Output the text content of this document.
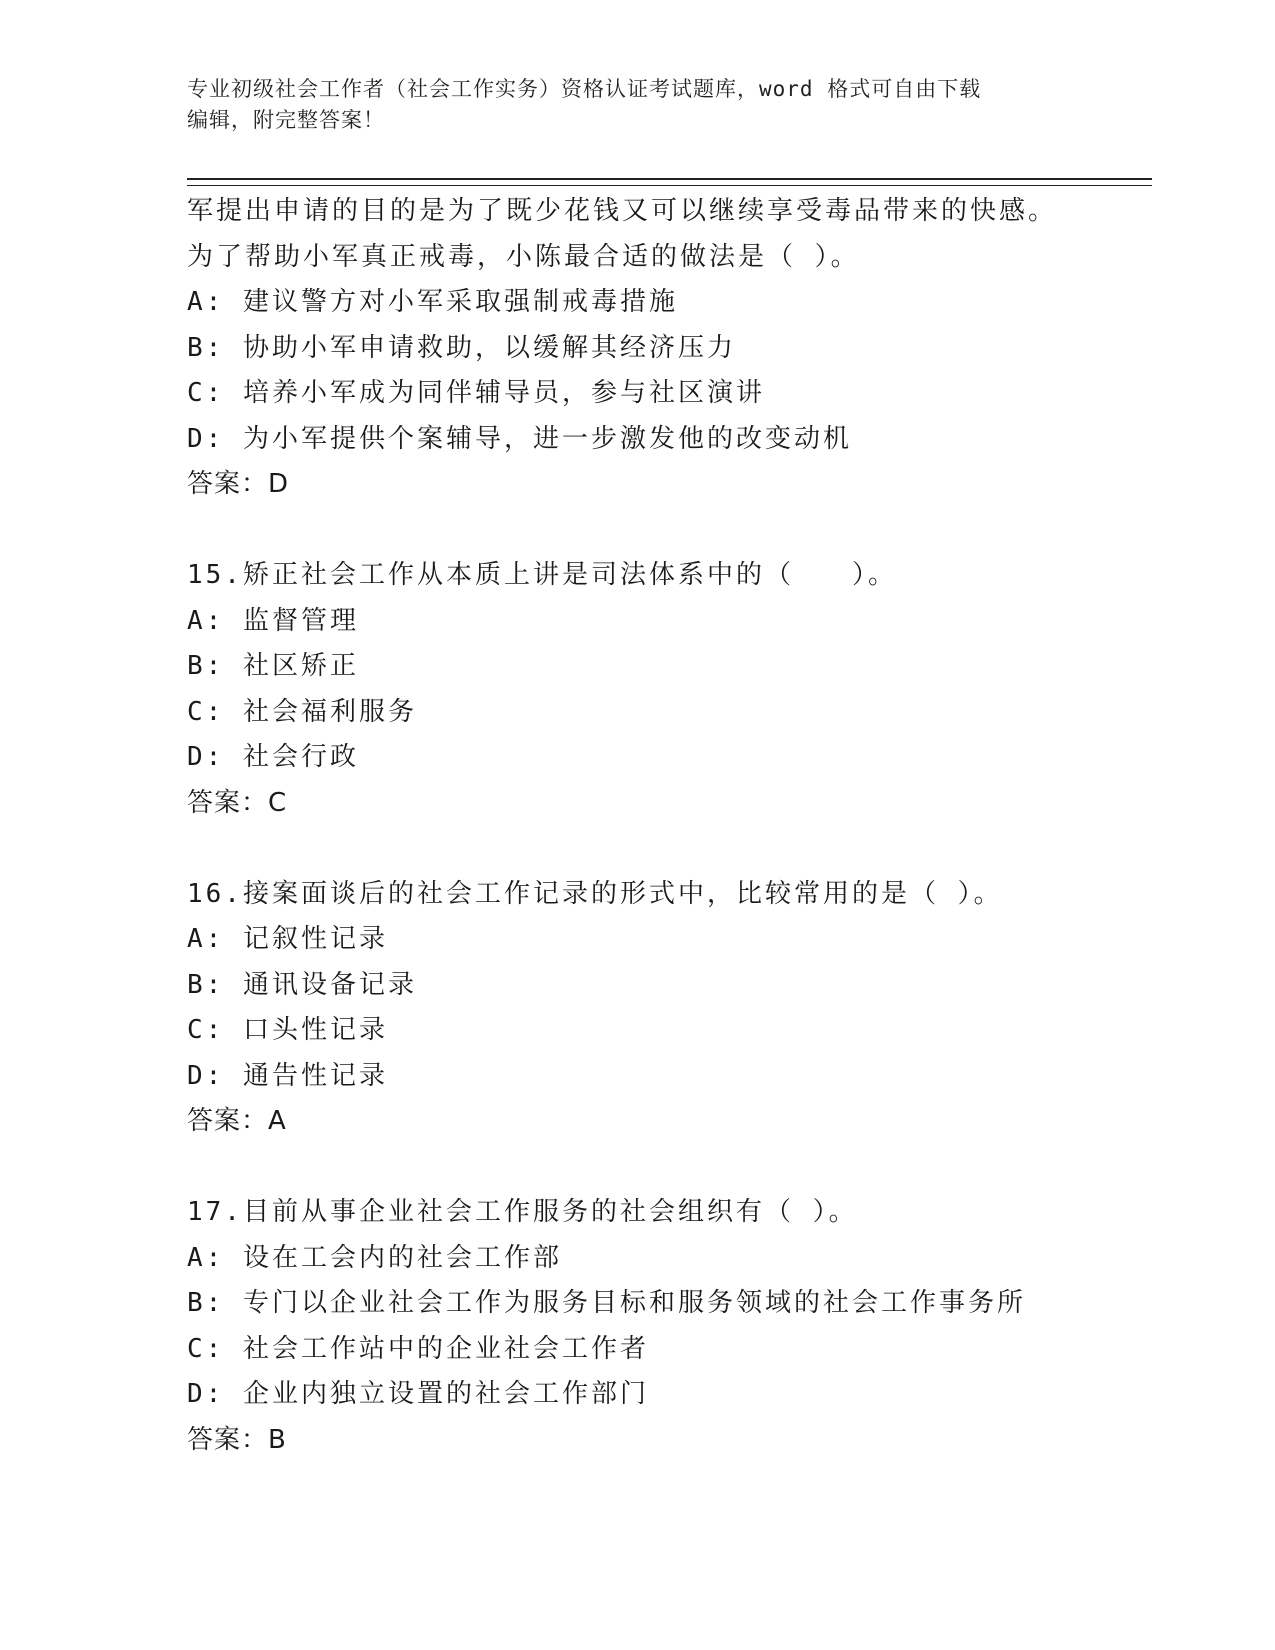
专业初级社会工作者（社会工作实务）资格认证考试题库，word 格式可自由下载
编辑，附完整答案！
军提出申请的目的是为了既少花钱又可以继续享受毒品带来的快感。
为了帮助小军真正戒毒，小陈最合适的做法是（ ）。
A: 建议警方对小军采取强制戒毒措施
B: 协助小军申请救助，以缓解其经济压力
C: 培养小军成为同伴辅导员，参与社区演讲
D: 为小军提供个案辅导，进一步激发他的改变动机
答案：D
15.矫正社会工作从本质上讲是司法体系中的（　　）。
A: 监督管理
B: 社区矫正
C: 社会福利服务
D: 社会行政
答案：C
16.接案面谈后的社会工作记录的形式中，比较常用的是（ ）。
A: 记叙性记录
B: 通讯设备记录
C: 口头性记录
D: 通告性记录
答案：A
17.目前从事企业社会工作服务的社会组织有（ ）。
A: 设在工会内的社会工作部
B: 专门以企业社会工作为服务目标和服务领域的社会工作事务所
C: 社会工作站中的企业社会工作者
D: 企业内独立设置的社会工作部门
答案：B
